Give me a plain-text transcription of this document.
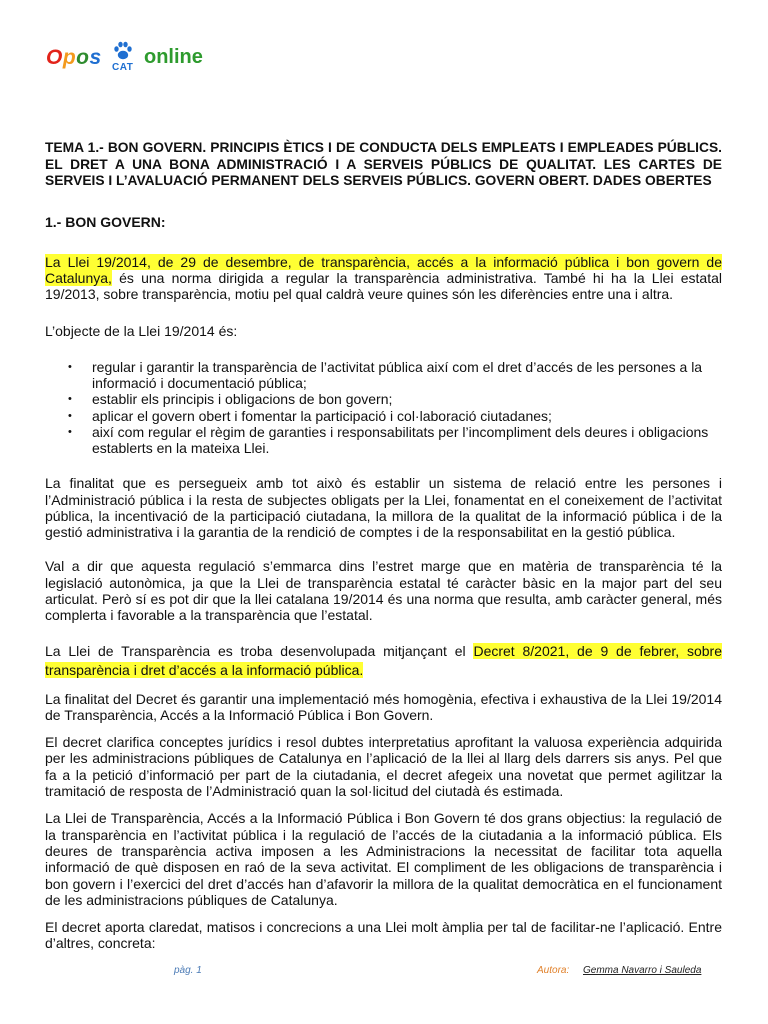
Opos CAT online

TEMA 1.- BON GOVERN. PRINCIPIS ÈTICS I DE CONDUCTA DELS EMPLEATS I EMPLEADES PÚBLICS. EL DRET A UNA BONA ADMINISTRACIÓ I A SERVEIS PÚBLICS DE QUALITAT. LES CARTES DE SERVEIS I L’AVALUACIÓ PERMANENT DELS SERVEIS PÚBLICS. GOVERN OBERT. DADES OBERTES

1.- BON GOVERN:

La Llei 19/2014, de 29 de desembre, de transparència, accés a la informació pública i bon govern de Catalunya, és una norma dirigida a regular la transparència administrativa. També hi ha la Llei estatal 19/2013, sobre transparència, motiu pel qual caldrà veure quines són les diferències entre una i altra.

L’objecte de la Llei 19/2014 és:

• regular i garantir la transparència de l’activitat pública així com el dret d’accés de les persones a la informació i documentació pública;
• establir els principis i obligacions de bon govern;
• aplicar el govern obert i fomentar la participació i col·laboració ciutadanes;
• així com regular el règim de garanties i responsabilitats per l’incompliment dels deures i obligacions establerts en la mateixa Llei.

La finalitat que es persegueix amb tot això és establir un sistema de relació entre les persones i l’Administració pública i la resta de subjectes obligats per la Llei, fonamentat en el coneixement de l’activitat pública, la incentivació de la participació ciutadana, la millora de la qualitat de la informació pública i de la gestió administrativa i la garantia de la rendició de comptes i de la responsabilitat en la gestió pública.

Val a dir que aquesta regulació s’emmarca dins l’estret marge que en matèria de transparència té la legislació autonòmica, ja que la Llei de transparència estatal té caràcter bàsic en la major part del seu articulat. Però sí es pot dir que la llei catalana 19/2014 és una norma que resulta, amb caràcter general, més complerta i favorable a la transparència que l’estatal.

La Llei de Transparència es troba desenvolupada mitjançant el Decret 8/2021, de 9 de febrer, sobre transparència i dret d’accés a la informació pública.

La finalitat del Decret és garantir una implementació més homogènia, efectiva i exhaustiva de la Llei 19/2014 de Transparència, Accés a la Informació Pública i Bon Govern.

El decret clarifica conceptes jurídics i resol dubtes interpretatius aprofitant la valuosa experiència adquirida per les administracions públiques de Catalunya en l’aplicació de la llei al llarg dels darrers sis anys. Pel que fa a la petició d’informació per part de la ciutadania, el decret afegeix una novetat que permet agilitzar la tramitació de resposta de l’Administració quan la sol·licitud del ciutadà és estimada.

La Llei de Transparència, Accés a la Informació Pública i Bon Govern té dos grans objectius: la regulació de la transparència en l’activitat pública i la regulació de l’accés de la ciutadania a la informació pública. Els deures de transparència activa imposen a les Administracions la necessitat de facilitar tota aquella informació de què disposen en raó de la seva activitat. El compliment de les obligacions de transparència i bon govern i l’exercici del dret d’accés han d’afavorir la millora de la qualitat democràtica en el funcionament de les administracions públiques de Catalunya.

El decret aporta claredat, matisos i concrecions a una Llei molt àmplia per tal de facilitar-ne l’aplicació. Entre d’altres, concreta:

pàg. 1	Autora: Gemma Navarro i Sauleda
